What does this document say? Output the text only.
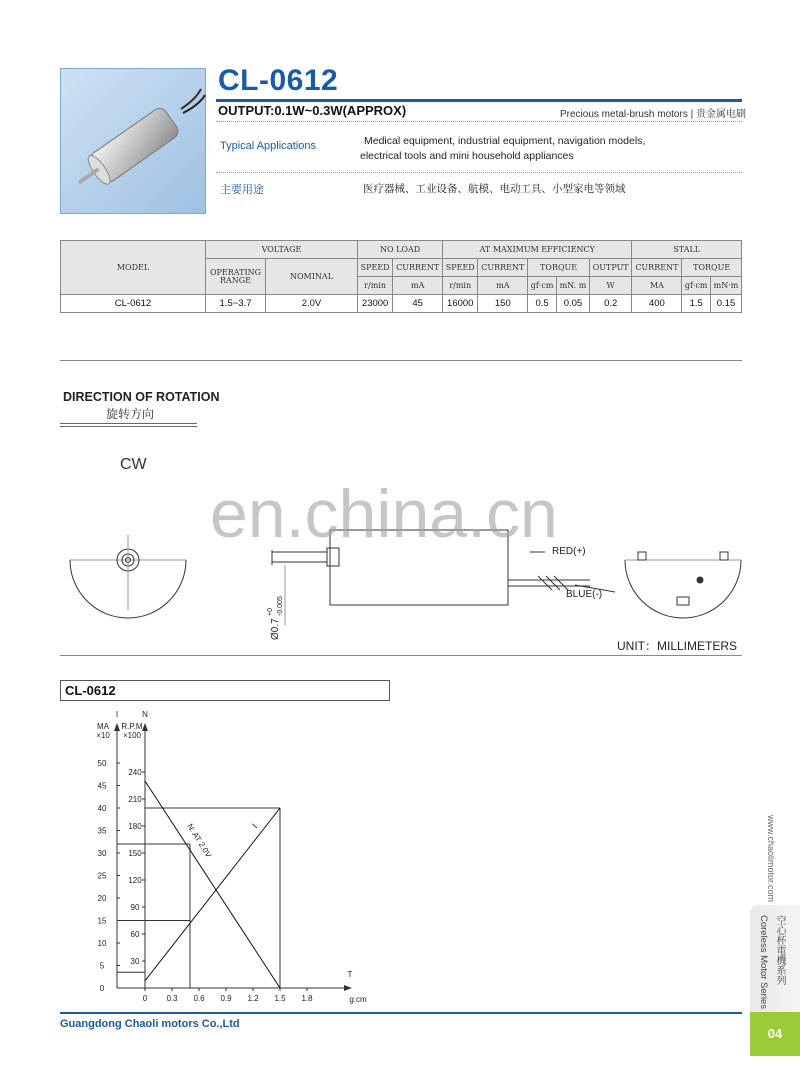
CL-0612
OUTPUT:0.1W~0.3W(APPROX)	Precious metal-brush motors | 贵金属电刷
Typical Applications	Medical equipment, industrial equipment, navigation models,
electrical tools and mini household appliances
主要用途	医疗器械、工业设备、航模、电动工具、小型家电等领域
MODEL	VOLTAGE		NO LOAD		AT MAXIMUM EFFICIENCY					STALL		

	OPERATING
RANGE	NOMINAL	SPEED	CURRENT	SPEED	CURRENT	TORQUE		OUTPUT	CURRENT	TORQUE	
			r/min	mA	r/min	mA	gf·cm	mN. m	W	MA	gf·cm	mN·m
CL-0612	1.5~3.7	2.0V	23000	45	16000	150	0.5	0.05	0.2	400	1.5	0.15
DIRECTION OF ROTATION
旋转方向
RED(+)
BLUE(-)
Ø0.7
+0 -0.005
CW
en.china.cn
UNIT：MILLIMETERS
CL-0612
0
5
10
15
20
25
30
35
40
45
50
30
60
90
120
150
180
210
240
0 0.3 0.6 0.9 1.2 1.5 1.8
I	N
MA
×10
R.P.M
×100
T
g.cm
N: AT 2.0V	I
Guangdong Chaoli motors Co.,Ltd
www.chaolimotor.com
Coreless Motor Series 空心杯電機系列
04
